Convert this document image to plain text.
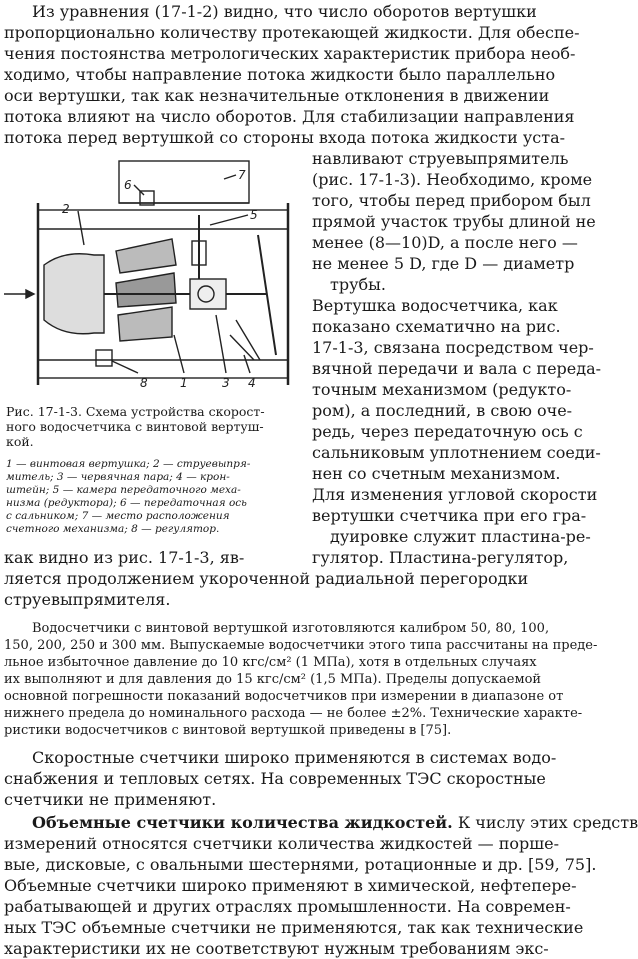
Из уравнения (17-1-2) видно, что число оборотов вертушки
пропорционально количеству протекающей жидкости. Для обеспе-
чения постоянства метрологических характеристик прибора необ-
ходимо, чтобы направление потока жидкости было параллельно
оси вертушки, так как незначительные отклонения в движении
потока влияют на число оборотов. Для стабилизации направления
потока перед вертушкой со стороны входа потока жидкости уста-
6
7
2	5
8	1	3 4
навливают струевыпрямитель
(рис. 17-1-3). Необходимо, кроме
того, чтобы перед прибором был
прямой участок трубы длиной не
менее (8—10)D, а после него —
не менее 5 D, где D — диаметр
трубы.
Вертушка водосчетчика, как
показано схематично на рис.
17-1-3, связана посредством чер-
вячной передачи и вала с переда-
точным механизмом (редукто-
ром), а последний, в свою оче-
редь, через передаточную ось с
сальниковым уплотнением соеди-
нен со счетным механизмом.
Для изменения угловой скорости
вертушки счетчика при его гра-
дуировке служит пластина-ре-
гулятор. Пластина-регулятор,
Рис. 17-1-3. Схема устройства скорост-
ного водосчетчика с винтовой вертуш-
кой.
1 — винтовая вертушка; 2 — струевыпря-
митель; 3 — червячная пара; 4 — крон-
штейн; 5 — камера передаточного меха-
низма (редуктора); 6 — передаточная ось
с сальником; 7 — место расположения
счетного механизма; 8 — регулятор.
как видно из рис. 17-1-3, яв-
ляется продолжением укороченной радиальной перегородки
струевыпрямителя.
Водосчетчики с винтовой вертушкой изготовляются калибром 50, 80, 100,
150, 200, 250 и 300 мм. Выпускаемые водосчетчики этого типа рассчитаны на преде-
льное избыточное давление до 10 кгс/см² (1 МПа), хотя в отдельных случаях
их выполняют и для давления до 15 кгс/см² (1,5 МПа). Пределы допускаемой
основной погрешности показаний водосчетчиков при измерении в диапазоне от
нижнего предела до номинального расхода — не более ±2%. Технические характе-
ристики водосчетчиков с винтовой вертушкой приведены в [75].
Скоростные счетчики широко применяются в системах водо-
снабжения и тепловых сетях. На современных ТЭС скоростные
счетчики не применяют.
Объемные счетчики количества жидкостей. К числу этих средств
измерений относятся счетчики количества жидкостей — порше-
вые, дисковые, с овальными шестернями, ротационные и др. [59, 75].
Объемные счетчики широко применяют в химической, нефтепере-
рабатывающей и других отраслях промышленности. На современ-
ных ТЭС объемные счетчики не применяются, так как технические
характеристики их не соответствуют нужным требованиям экс-
